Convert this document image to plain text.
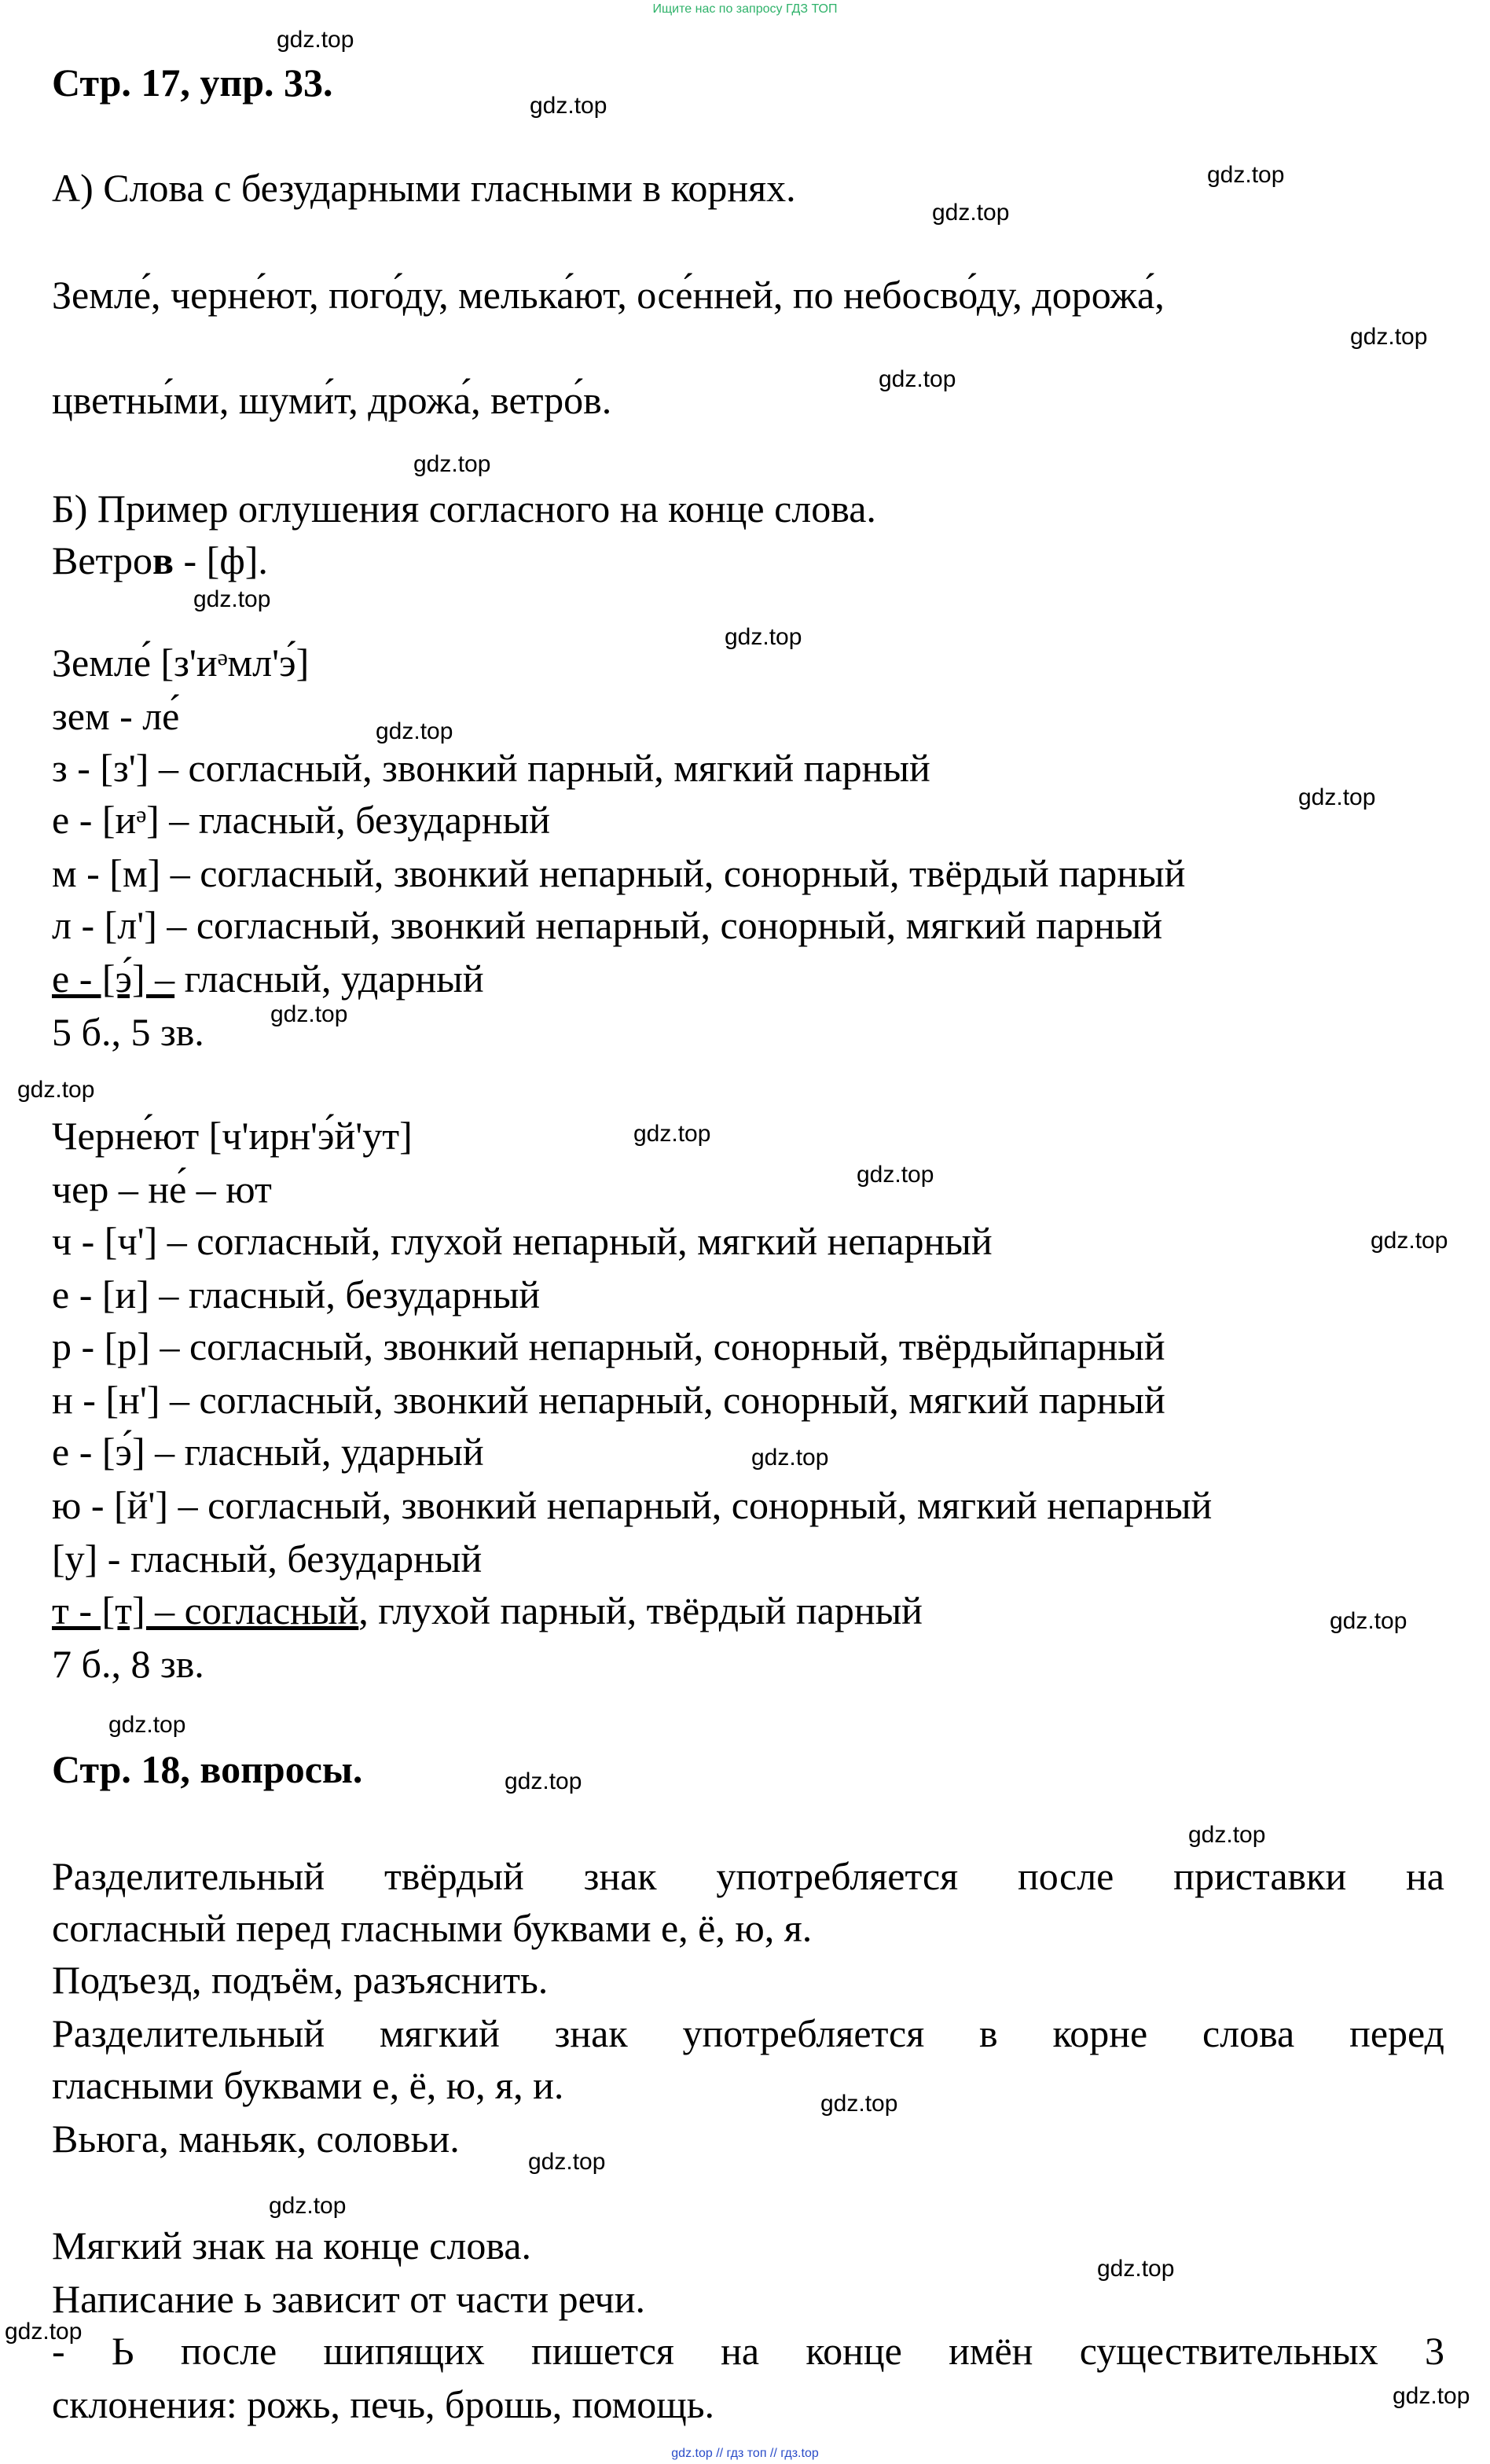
Ищите нас по запросу ГДЗ ТОП
Стр. 17, упр. 33.
А) Слова с безударными гласными в корнях.
Земле́, черне́ют, пого́ду, мелька́ют, осе́нней, по небосво́ду, дорожа́,
цветны́ми, шуми́т, дрожа́, ветро́в.
Б) Пример оглушения согласного на конце слова.
Ветров - [ф].
Земле́ [з'иᵊмл'э́]
зем - ле́
з - [з'] – согласный, звонкий парный, мягкий парный
е - [иᵊ] – гласный, безударный
м - [м] – согласный, звонкий непарный, сонорный, твёрдый парный
л - [л'] – согласный, звонкий непарный, сонорный, мягкий парный
е - [э́] – гласный, ударный
5 б., 5 зв.
Черне́ют [ч'ирн'э́й'ут]
чер – не́ – ют
ч - [ч'] – согласный, глухой непарный, мягкий непарный
е - [и] – гласный, безударный
р - [р] – согласный, звонкий непарный, сонорный, твёрдыйпарный
н - [н'] – согласный, звонкий непарный, сонорный, мягкий парный
е - [э́] – гласный, ударный
ю - [й'] – согласный, звонкий непарный, сонорный, мягкий непарный
[у] - гласный, безударный
т - [т] – согласный, глухой парный, твёрдый парный
7 б., 8 зв.
Стр. 18, вопросы.
Разделительный твёрдый знак употребляется после приставки на
согласный перед гласными буквами е, ё, ю, я.
Подъезд, подъём, разъяснить.
Разделительный мягкий знак употребляется в корне слова перед
гласными буквами е, ё, ю, я, и.
Вьюга, маньяк, соловьи.
Мягкий знак на конце слова.
Написание ь зависит от части речи.
- Ь после шипящих пишется на конце имён существительных 3
склонения: рожь, печь, брошь, помощь.
gdz.top
gdz.top
gdz.top
gdz.top
gdz.top
gdz.top
gdz.top
gdz.top
gdz.top
gdz.top
gdz.top
gdz.top
gdz.top
gdz.top
gdz.top
gdz.top
gdz.top
gdz.top
gdz.top
gdz.top
gdz.top
gdz.top
gdz.top
gdz.top
gdz.top
gdz.top
gdz.top
gdz.top // гдз топ // гдз.top
